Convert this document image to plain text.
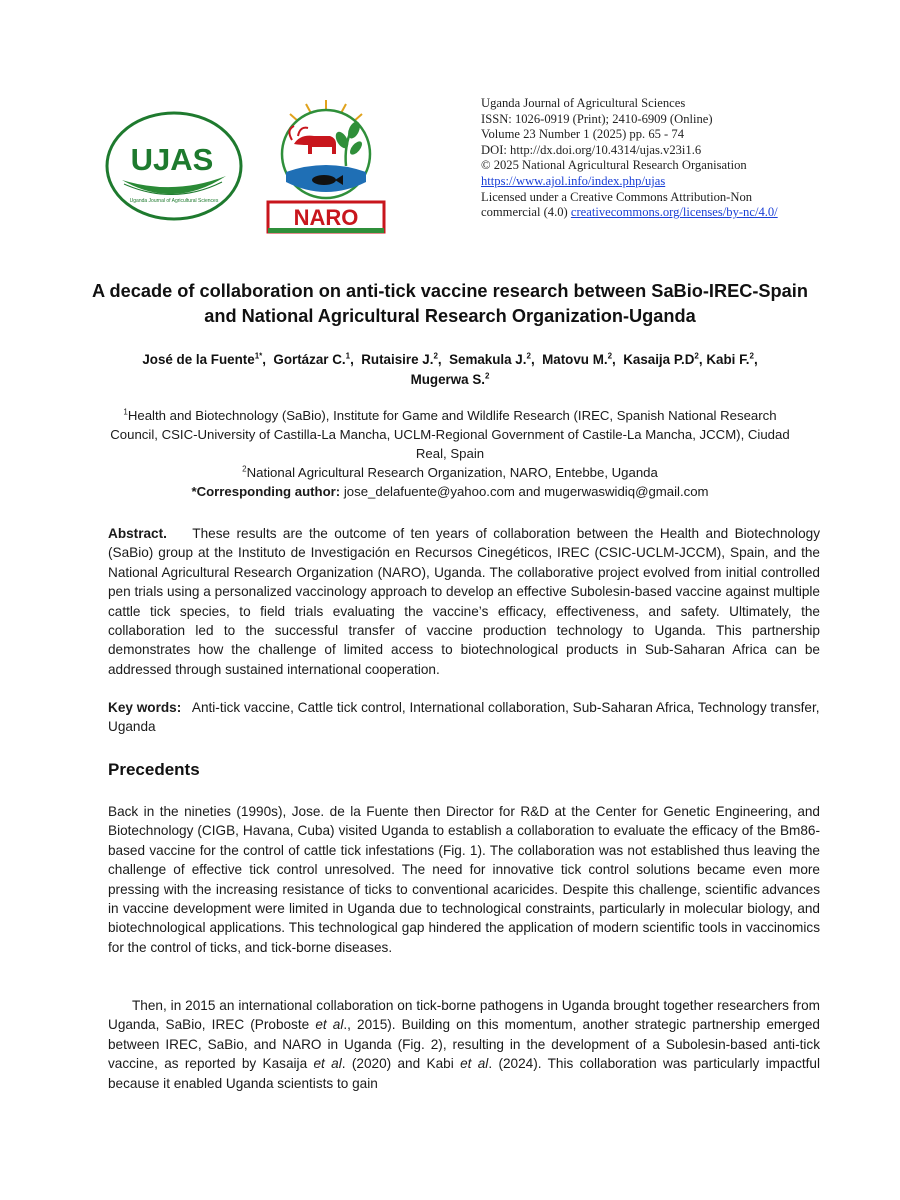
UJAS
Uganda Journal of Agricultural Sciences
NARO
Uganda Journal of Agricultural Sciences
ISSN: 1026-0919 (Print); 2410-6909 (Online)
Volume 23 Number 1 (2025) pp. 65 - 74
DOI: http://dx.doi.org/10.4314/ujas.v23i1.6
© 2025 National Agricultural Research Organisation
https://www.ajol.info/index.php/ujas
Licensed under a Creative Commons Attribution-Non
commercial (4.0) creativecommons.org/licenses/by-nc/4.0/
A decade of collaboration on anti-tick vaccine research between SaBio-IREC-Spain and National Agricultural Research Organization-Uganda
José de la Fuente$^{1*}$,  Gortázar C.$^1$,  Rutaisire J.$^2$,  Semakula J.$^2$,  Matovu M.$^2$,  Kasaija $P.D^2$, Kabi F.$^2$,
Mugerwa S.$^2$
$^1$Health and Biotechnology (SaBio), Institute for Game and Wildlife Research (IREC, Spanish National Research Council, CSIC-University of Castilla-La Mancha, UCLM-Regional Government of Castile-La Mancha, JCCM), Ciudad Real, Spain
$^2$National Agricultural Research Organization, NARO, Entebbe, Uganda
*Corresponding author: jose_delafuente@yahoo.com and mugerwaswidiq@gmail.com
Abstract. These results are the outcome of ten years of collaboration between the Health and Biotechnology (SaBio) group at the Instituto de Investigación en Recursos Cinegéticos, IREC (CSIC-UCLM-JCCM), Spain, and the National Agricultural Research Organization (NARO), Uganda. The collaborative project evolved from initial controlled pen trials using a personalized vaccinology approach to develop an effective Subolesin-based vaccine against multiple cattle tick species, to field trials evaluating the vaccine’s efficacy, effectiveness, and safety. Ultimately, the collaboration led to the successful transfer of vaccine production technology to Uganda. This partnership demonstrates how the challenge of limited access to biotechnological products in Sub-Saharan Africa can be addressed through sustained international cooperation.
Key words: Anti-tick vaccine, Cattle tick control, International collaboration, Sub-Saharan Africa, Technology transfer, Uganda
Precedents
Back in the nineties (1990s), Jose. de la Fuente then Director for R&D at the Center for Genetic Engineering, and Biotechnology (CIGB, Havana, Cuba) visited Uganda to establish a collaboration to evaluate the efficacy of the Bm86-based vaccine for the control of cattle tick infestations (Fig. 1). The collaboration was not established thus leaving the challenge of effective tick control unresolved. The need for innovative tick control solutions became even more pressing with the increasing resistance of ticks to conventional acaricides. Despite this challenge, scientific advances in vaccine development were limited in Uganda due to technological constraints, particularly in molecular biology, and biotechnological applications. This technological gap hindered the application of modern scientific tools in vaccinomics for the control of ticks, and tick-borne diseases.
Then, in 2015 an international collaboration on tick-borne pathogens in Uganda brought together researchers from Uganda, SaBio, IREC (Proboste et al., 2015). Building on this momentum, another strategic partnership emerged between IREC, SaBio, and NARO in Uganda (Fig. 2), resulting in the development of a Subolesin-based anti-tick vaccine, as reported by Kasaija et al. (2020) and Kabi et al. (2024). This collaboration was particularly impactful because it enabled Uganda scientists to gain
